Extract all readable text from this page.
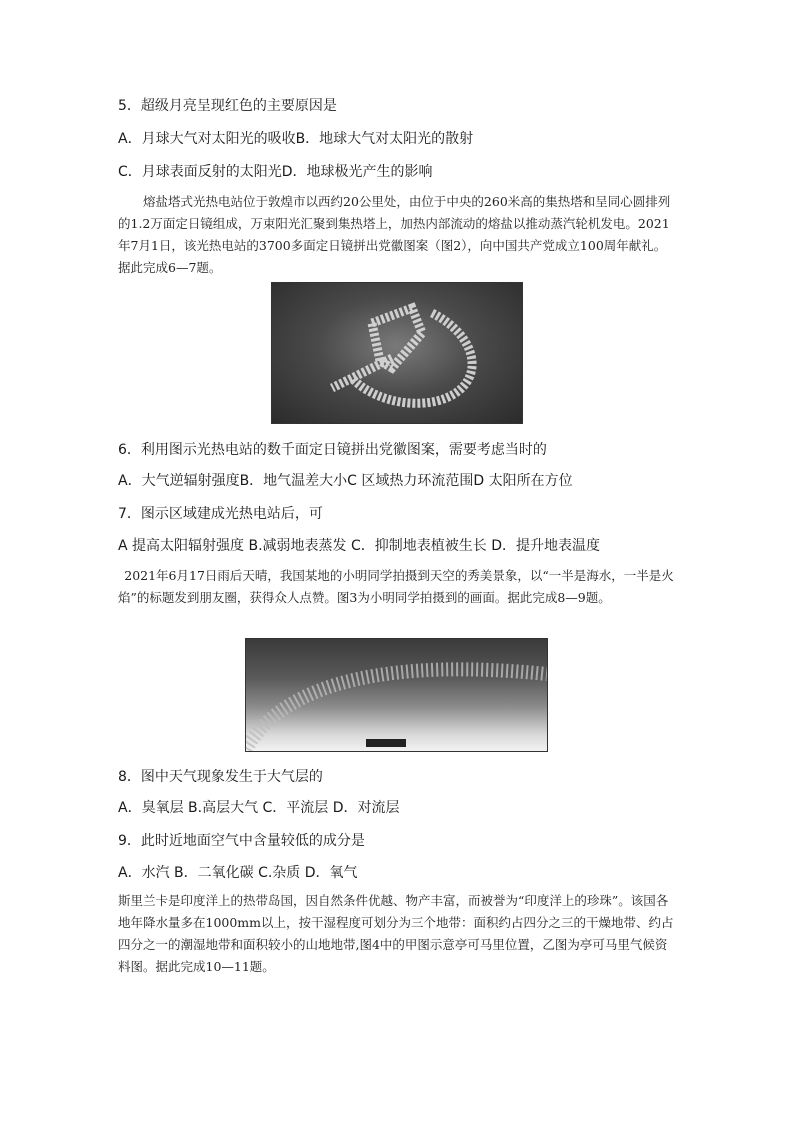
5．超级月亮呈现红色的主要原因是
A．月球大气对太阳光的吸收B．地球大气对太阳光的散射
C．月球表面反射的太阳光D．地球极光产生的影响
熔盐塔式光热电站位于敦煌市以西约20公里处，由位于中央的260米高的集热塔和呈同心圆排列的1.2万面定日镜组成，万束阳光汇聚到集热塔上，加热内部流动的熔盐以推动蒸汽轮机发电。2021年7月1日，该光热电站的3700多面定日镜拼出党徽图案（图2），向中国共产党成立100周年献礼。据此完成6—7题。
6．利用图示光热电站的数千面定日镜拼出党徽图案，需要考虑当时的
A．大气逆辐射强度B．地气温差大小C 区域热力环流范围D 太阳所在方位
7．图示区域建成光热电站后，可
A 提高太阳辐射强度 B.减弱地表蒸发 C．抑制地表植被生长 D．提升地表温度
2021年6月17日雨后天晴，我国某地的小明同学拍摄到天空的秀美景象，以“一半是海水，一半是火焰”的标题发到朋友圈，获得众人点赞。图3为小明同学拍摄到的画面。据此完成8—9题。
8．图中天气现象发生于大气层的
A．臭氧层 B.高层大气 C．平流层 D．对流层
9．此时近地面空气中含量较低的成分是
A．水汽 B．二氧化碳 C.杂质 D．氧气
斯里兰卡是印度洋上的热带岛国，因自然条件优越、物产丰富，而被誉为“印度洋上的珍珠”。该国各地年降水量多在1000mm以上，按干湿程度可划分为三个地带：面积约占四分之三的干燥地带、约占四分之一的潮湿地带和面积较小的山地地带,图4中的甲图示意亭可马里位置，乙图为亭可马里气候资料图。据此完成10—11题。
